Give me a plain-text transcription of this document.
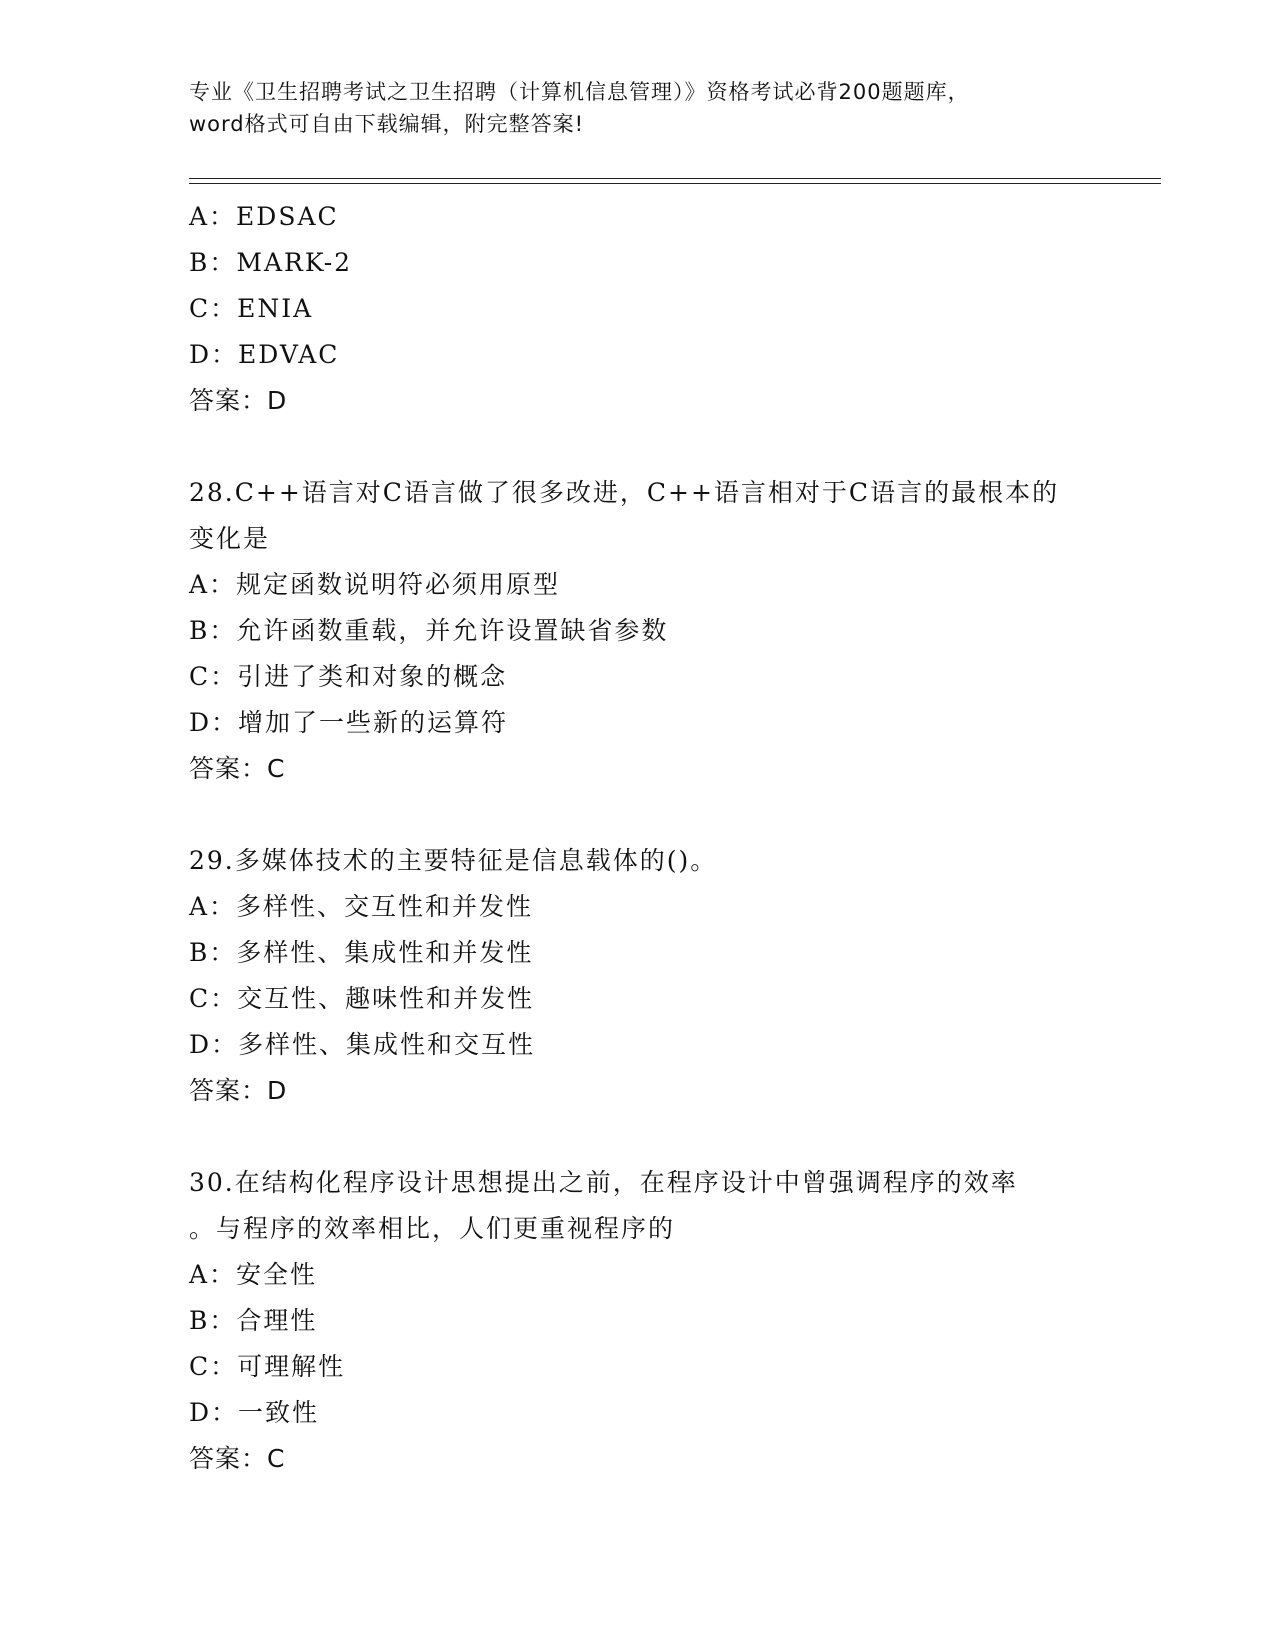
专业《卫生招聘考试之卫生招聘（计算机信息管理）》资格考试必背200题题库，
word格式可自由下载编辑，附完整答案!
A：EDSAC
B：MARK-2
C：ENIA
D：EDVAC
答案：D
28.C++语言对C语言做了很多改进，C++语言相对于C语言的最根本的
变化是
A：规定函数说明符必须用原型
B：允许函数重载，并允许设置缺省参数
C：引进了类和对象的概念
D：增加了一些新的运算符
答案：C
29.多媒体技术的主要特征是信息载体的()。
A：多样性、交互性和并发性
B：多样性、集成性和并发性
C：交互性、趣味性和并发性
D：多样性、集成性和交互性
答案：D
30.在结构化程序设计思想提出之前，在程序设计中曾强调程序的效率
。与程序的效率相比，人们更重视程序的
A：安全性
B：合理性
C：可理解性
D：一致性
答案：C
